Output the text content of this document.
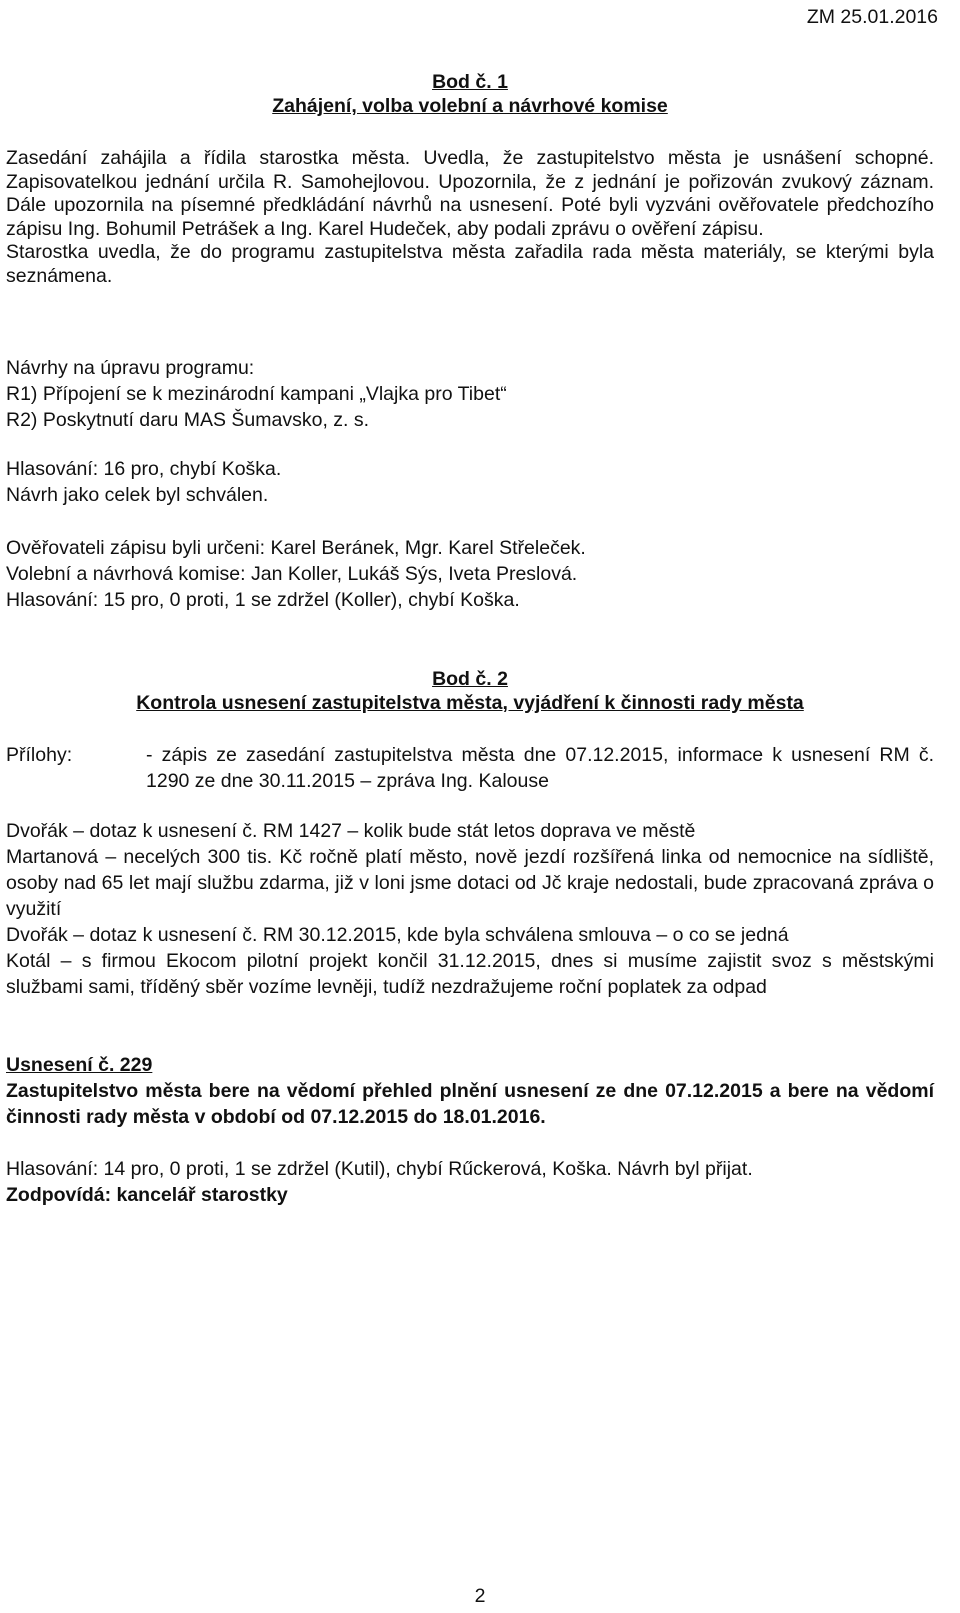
ZM 25.01.2016
Bod č. 1
Zahájení, volba volební a návrhové komise
Zasedání zahájila a řídila starostka města. Uvedla, že zastupitelstvo města je usnášení schopné. Zapisovatelkou jednání určila R. Samohejlovou. Upozornila, že z jednání je pořizován zvukový záznam. Dále upozornila na písemné předkládání návrhů na usnesení. Poté byli vyzváni ověřovatele předchozího zápisu Ing. Bohumil Petrášek a Ing. Karel Hudeček, aby podali zprávu o ověření zápisu.
Starostka uvedla, že do programu zastupitelstva města zařadila rada města materiály, se kterými byla seznámena.
Návrhy na úpravu programu:
R1) Přípojení se k mezinárodní kampani „Vlajka pro Tibet“
R2) Poskytnutí daru MAS Šumavsko, z. s.
Hlasování: 16 pro, chybí Koška.
Návrh jako celek byl schválen.
Ověřovateli zápisu byli určeni: Karel Beránek, Mgr. Karel Střeleček.
Volební a návrhová komise: Jan Koller, Lukáš Sýs, Iveta Preslová.
Hlasování: 15 pro, 0 proti, 1 se zdržel (Koller), chybí Koška.
Bod č. 2
Kontrola usnesení zastupitelstva města, vyjádření k činnosti rady města
Přílohy:	- zápis ze zasedání zastupitelstva města dne 07.12.2015, informace k usnesení RM č. 1290 ze dne 30.11.2015 – zpráva Ing. Kalouse
Dvořák – dotaz k usnesení č. RM 1427 – kolik bude stát letos doprava ve městě
Martanová – necelých 300 tis. Kč ročně platí město, nově jezdí rozšířená linka od nemocnice na sídliště, osoby nad 65 let mají službu zdarma, již v loni jsme dotaci od Jč kraje nedostali, bude zpracovaná zpráva o využití
Dvořák – dotaz k usnesení č. RM 30.12.2015, kde byla schválena smlouva – o co se jedná
Kotál – s firmou Ekocom pilotní projekt končil 31.12.2015, dnes si musíme zajistit svoz s městskými službami sami, tříděný sběr vozíme levněji, tudíž nezdražujeme roční poplatek za odpad
Usnesení č. 229
Zastupitelstvo města bere na vědomí přehled plnění usnesení ze dne 07.12.2015 a bere na vědomí činnosti rady města v období od 07.12.2015 do 18.01.2016.
Hlasování: 14 pro, 0 proti, 1 se zdržel (Kutil), chybí Rűckerová, Koška. Návrh byl přijat.
Zodpovídá: kancelář starostky
2
